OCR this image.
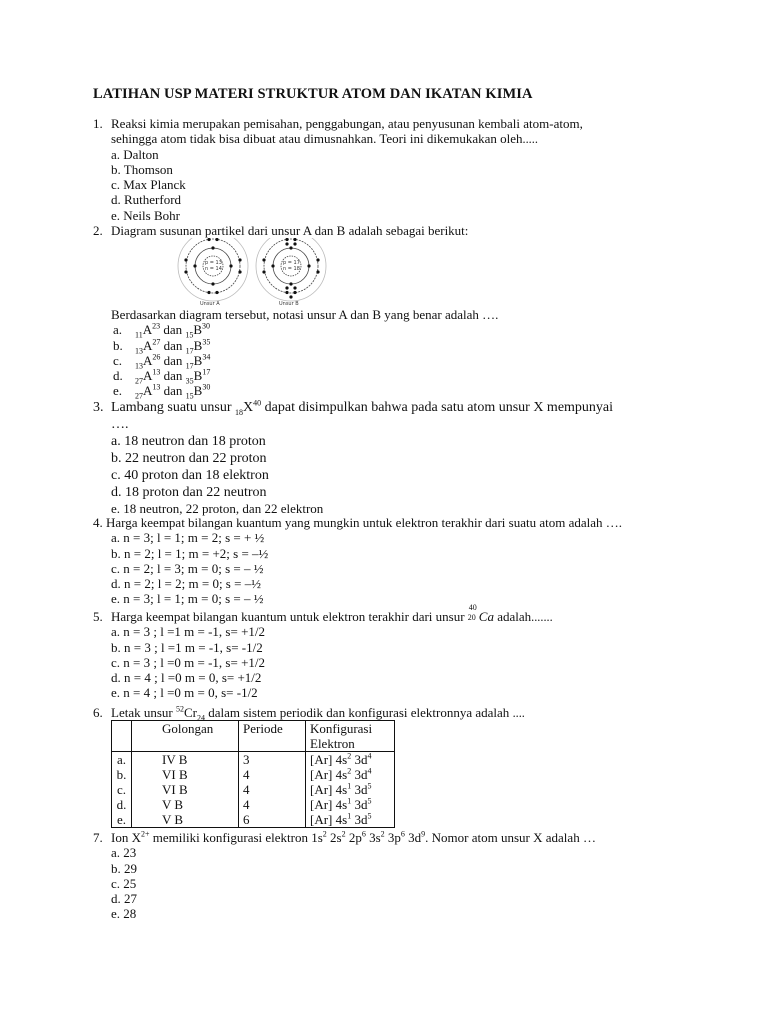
LATIHAN USP MATERI STRUKTUR ATOM DAN IKATAN KIMIA
1. Reaksi kimia merupakan pemisahan, penggabungan, atau penyusunan kembali atom-atom,
sehingga atom tidak bisa dibuat atau dimusnahkan. Teori ini dikemukakan oleh.....
a. Dalton
b. Thomson
c. Max Planck
d. Rutherford
e. Neils Bohr
2. Diagram susunan partikel dari unsur A dan B adalah sebagai berikut:
p = 13
n = 14
p = 17
n = 18
Unsur A	Unsur B
Berdasarkan diagram tersebut, notasi unsur A dan B yang benar adalah ….
a. $_{11}A^{23}$ dan $_{15}B^{30}$
b. $_{13}A^{27}$ dan $_{17}B^{35}$
c. $_{13}A^{26}$ dan $_{17}B^{34}$
d. $_{27}A^{13}$ dan $_{35}B^{17}$
e. $_{27}A^{13}$ dan $_{15}B^{30}$
3. Lambang suatu unsur $_{18}X^{40}$ dapat disimpulkan bahwa pada satu atom unsur X mempunyai
….
a. 18 neutron dan 18 proton
b. 22 neutron dan 22 proton
c. 40 proton dan 18 elektron
d. 18 proton dan 22 neutron
e. 18 neutron, 22 proton, dan 22 elektron
4. Harga keempat bilangan kuantum yang mungkin untuk elektron terakhir dari suatu atom adalah ….
a. n = 3; l = 1; m = 2; s = + ½
b. n = 2; l = 1; m = +2; s = –½
c. n = 2; l = 3; m = 0; s = – ½
d. n = 2; l = 2; m = 0; s = –½
e. n = 3; l = 1; m = 0; s = – ½
5. Harga keempat bilangan kuantum untuk elektron terakhir dari unsur
40
20 Ca adalah.......
a. n = 3 ; l =1 m = -1, s= +1/2
b. n = 3 ; l =1 m = -1, s= -1/2
c. n = 3 ; l =0 m = -1, s= +1/2
d. n = 4 ; l =0 m = 0, s= +1/2
e. n = 4 ; l =0 m = 0, s= -1/2
6. Letak unsur $^{52}Cr_{24}$ dalam sistem periodik dan konfigurasi elektronnya adalah ....
	Golongan	Periode	Konfigurasi
Elektron
a.	IV B	3	[Ar] $4s^2$ $3d^4$
b.	VI B	4	[Ar] $4s^2$ $3d^4$
c.	VI B	4	[Ar] $4s^1$ $3d^5$
d.	V B	4	[Ar] $4s^1$ $3d^5$
e.	V B	6	[Ar] $4s^1$ $3d^5$
7. Ion $X^{2+}$ memiliki konfigurasi elektron $1s^2$ $2s^2$ $2p^6$ $3s^2$ $3p^6$ $3d^9$. Nomor atom unsur X adalah …
a. 23
b. 29
c. 25
d. 27
e. 28
